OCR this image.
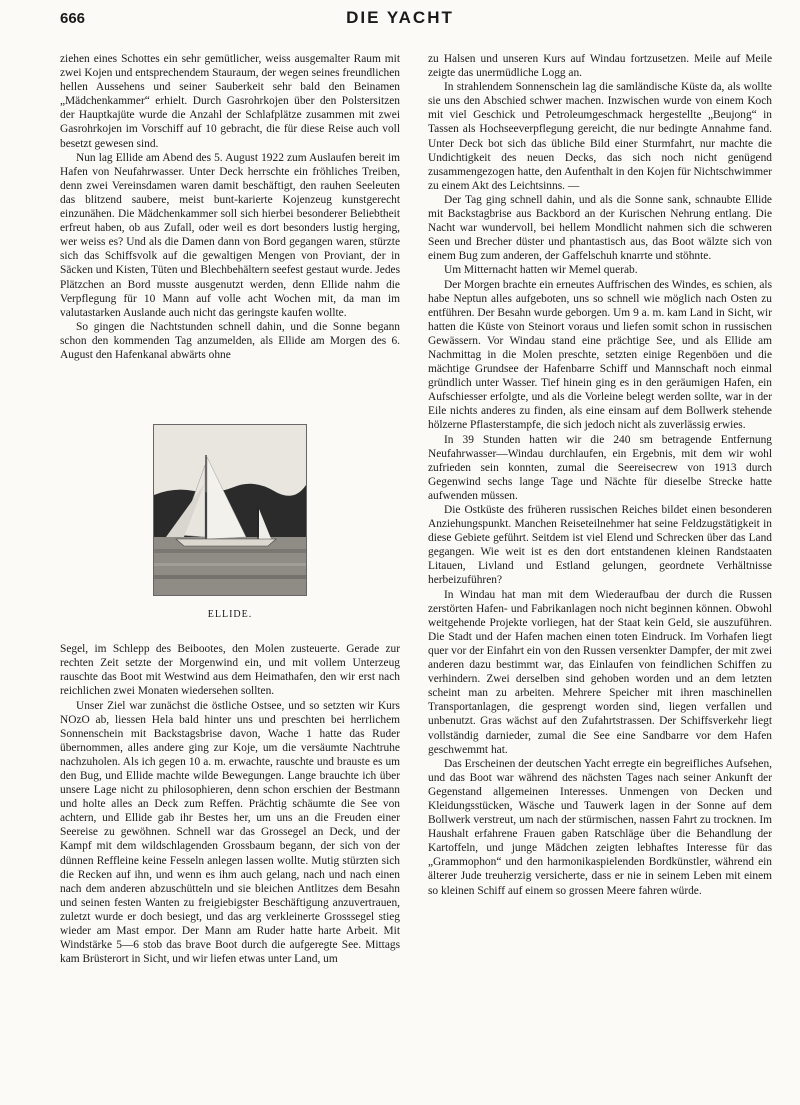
666	DIE YACHT

ziehen eines Schottes ein sehr gemütlicher, weiss ausgemalter Raum mit zwei Kojen und entsprechendem Stauraum, der wegen seines freundlichen hellen Aussehens und seiner Sauberkeit sehr bald den Beinamen „Mädchenkammer“ erhielt. Durch Gasrohrkojen über den Polstersitzen der Hauptkajüte wurde die Anzahl der Schlafplätze zusammen mit zwei Gasrohrkojen im Vorschiff auf 10 gebracht, die für diese Reise auch voll besetzt gewesen sind.

Nun lag Ellide am Abend des 5. August 1922 zum Auslaufen bereit im Hafen von Neufahrwasser. Unter Deck herrschte ein fröhliches Treiben, denn zwei Vereinsdamen waren damit beschäftigt, den rauhen Seeleuten das blitzend saubere, meist bunt-karierte Kojenzeug kunstgerecht einzunähen. Die Mädchenkammer soll sich hierbei besonderer Beliebtheit erfreut haben, ob aus Zufall, oder weil es dort besonders lustig herging, wer weiss es? Und als die Damen dann von Bord gegangen waren, stürzte sich das Schiffsvolk auf die gewaltigen Mengen von Proviant, der in Säcken und Kisten, Tüten und Blechbehältern seefest gestaut wurde. Jedes Plätzchen an Bord musste ausgenutzt werden, denn Ellide nahm die Verpflegung für 10 Mann auf volle acht Wochen mit, da man im valutastarken Auslande auch nicht das geringste kaufen wollte.

So gingen die Nachtstunden schnell dahin, und die Sonne begann schon den kommenden Tag anzumelden, als Ellide am Morgen des 6. August den Hafenkanal abwärts ohne

ELLIDE.

Segel, im Schlepp des Beibootes, den Molen zusteuerte. Gerade zur rechten Zeit setzte der Morgenwind ein, und mit vollem Unterzeug rauschte das Boot mit Westwind aus dem Heimathafen, den wir erst nach reichlichen zwei Monaten wiedersehen sollten.

Unser Ziel war zunächst die östliche Ostsee, und so setzten wir Kurs NOzO ab, liessen Hela bald hinter uns und preschten bei herrlichem Sonnenschein mit Backstagsbrise davon, Wache 1 hatte das Ruder übernommen, alles andere ging zur Koje, um die versäumte Nachtruhe nachzuholen. Als ich gegen 10 a. m. erwachte, rauschte und brauste es um den Bug, und Ellide machte wilde Bewegungen. Lange brauchte ich über unsere Lage nicht zu philosophieren, denn schon erschien der Bestmann und holte alles an Deck zum Reffen. Prächtig schäumte die See von achtern, und Ellide gab ihr Bestes her, um uns an die Freuden einer Seereise zu gewöhnen. Schnell war das Grossegel an Deck, und der Kampf mit dem wildschlagenden Grossbaum begann, der sich von der dünnen Reffleine keine Fesseln anlegen lassen wollte. Mutig stürzten sich die Recken auf ihn, und wenn es ihm auch gelang, nach und nach einen nach dem anderen abzuschütteln und sie bleichen Antlitzes dem Besahn und seinen festen Wanten zu freigiebigster Beschäftigung anzuvertrauen, zuletzt wurde er doch besiegt, und das arg verkleinerte Grosssegel stieg wieder am Mast empor. Der Mann am Ruder hatte harte Arbeit. Mit Windstärke 5—6 stob das brave Boot durch die aufgeregte See. Mittags kam Brüsterort in Sicht, und wir liefen etwas unter Land, um

zu Halsen und unseren Kurs auf Windau fortzusetzen. Meile auf Meile zeigte das unermüdliche Logg an.

In strahlendem Sonnenschein lag die samländische Küste da, als wollte sie uns den Abschied schwer machen. Inzwischen wurde von einem Koch mit viel Geschick und Petroleumgeschmack hergestellte „Beujong“ in Tassen als Hochseeverpflegung gereicht, die nur bedingte Annahme fand. Unter Deck bot sich das übliche Bild einer Sturmfahrt, nur machte die Undichtigkeit des neuen Decks, das sich noch nicht genügend zusammengezogen hatte, den Aufenthalt in den Kojen für Nichtschwimmer zu einem Akt des Leichtsinns. —

Der Tag ging schnell dahin, und als die Sonne sank, schnaubte Ellide mit Backstagbrise aus Backbord an der Kurischen Nehrung entlang. Die Nacht war wundervoll, bei hellem Mondlicht nahmen sich die schweren Seen und Brecher düster und phantastisch aus, das Boot wälzte sich von einem Bug zum anderen, der Gaffelschuh knarrte und stöhnte.

Um Mitternacht hatten wir Memel querab.

Der Morgen brachte ein erneutes Auffrischen des Windes, es schien, als habe Neptun alles aufgeboten, uns so schnell wie möglich nach Osten zu entführen. Der Besahn wurde geborgen. Um 9 a. m. kam Land in Sicht, wir hatten die Küste von Steinort voraus und liefen somit schon in russischen Gewässern. Vor Windau stand eine prächtige See, und als Ellide am Nachmittag in die Molen preschte, setzten einige Regenböen und die mächtige Grundsee der Hafenbarre Schiff und Mannschaft noch einmal gründlich unter Wasser. Tief hinein ging es in den geräumigen Hafen, ein Aufschiesser erfolgte, und als die Vorleine belegt werden sollte, war in der Eile nichts anderes zu finden, als eine einsam auf dem Bollwerk stehende hölzerne Pflasterstampfe, die sich jedoch nicht als zuverlässig erwies.

In 39 Stunden hatten wir die 240 sm betragende Entfernung Neufahrwasser—Windau durchlaufen, ein Ergebnis, mit dem wir wohl zufrieden sein konnten, zumal die Seereisecrew von 1913 durch Gegenwind sechs lange Tage und Nächte für dieselbe Strecke hatte aufwenden müssen.

Die Ostküste des früheren russischen Reiches bildet einen besonderen Anziehungspunkt. Manchen Reiseteilnehmer hat seine Feldzugstätigkeit in diese Gebiete geführt. Seitdem ist viel Elend und Schrecken über das Land gegangen. Wie weit ist es den dort entstandenen kleinen Randstaaten Litauen, Livland und Estland gelungen, geordnete Verhältnisse herbeizuführen?

In Windau hat man mit dem Wiederaufbau der durch die Russen zerstörten Hafen- und Fabrikanlagen noch nicht beginnen können. Obwohl weitgehende Projekte vorliegen, hat der Staat kein Geld, sie auszuführen. Die Stadt und der Hafen machen einen toten Eindruck. Im Vorhafen liegt quer vor der Einfahrt ein von den Russen versenkter Dampfer, der mit zwei anderen dazu bestimmt war, das Einlaufen von feindlichen Schiffen zu verhindern. Zwei derselben sind gehoben worden und an dem letzten scheint man zu arbeiten. Mehrere Speicher mit ihren maschinellen Transportanlagen, die gesprengt worden sind, liegen verfallen und unbenutzt. Gras wächst auf den Zufahrtstrassen. Der Schiffsverkehr liegt vollständig darnieder, zumal die See eine Sandbarre vor dem Hafen geschwemmt hat.

Das Erscheinen der deutschen Yacht erregte ein begreifliches Aufsehen, und das Boot war während des nächsten Tages nach seiner Ankunft der Gegenstand allgemeinen Interesses. Unmengen von Decken und Kleidungsstücken, Wäsche und Tauwerk lagen in der Sonne auf dem Bollwerk verstreut, um nach der stürmischen, nassen Fahrt zu trocknen. Im Haushalt erfahrene Frauen gaben Ratschläge über die Behandlung der Kartoffeln, und junge Mädchen zeigten lebhaftes Interesse für das „Grammophon“ und den harmonikaspielenden Bordkünstler, während ein älterer Jude treuherzig versicherte, dass er nie in seinem Leben mit einem so kleinen Schiff auf einem so grossen Meere fahren würde.
